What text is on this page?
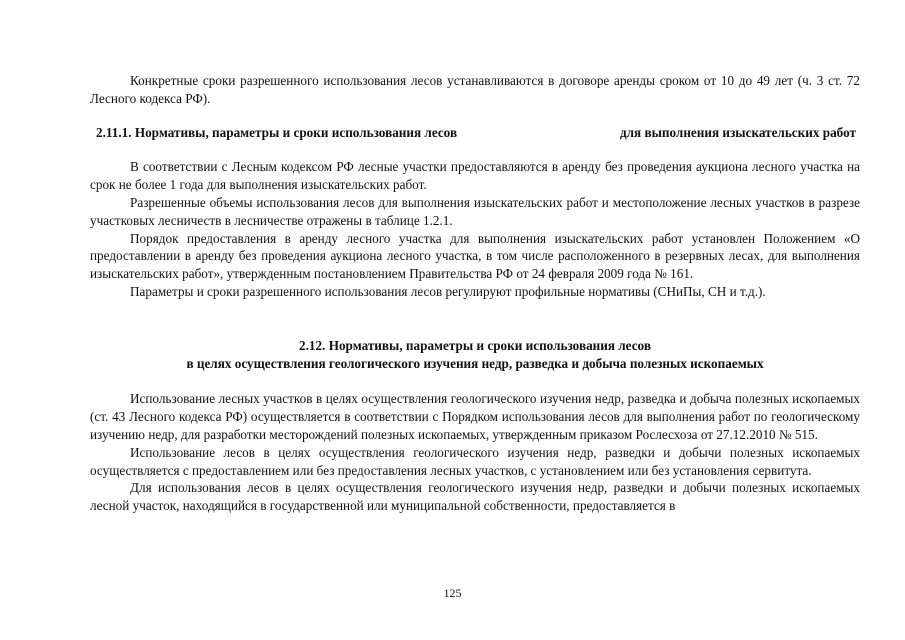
Конкретные сроки разрешенного использования лесов устанавливаются в договоре аренды сроком от 10 до 49 лет (ч. 3 ст. 72 Лесного кодекса РФ).

2.11.1. Нормативы, параметры и сроки использования лесов	для выполнения изыскательских работ

В соответствии с Лесным кодексом РФ лесные участки предоставляются в аренду без проведения аукциона лесного участка на срок не более 1 года для выполнения изыскательских работ.

Разрешенные объемы использования лесов для выполнения изыскательских работ и местоположение лесных участков в разрезе участковых лесничеств в лесничестве отражены в таблице 1.2.1.

Порядок предоставления в аренду лесного участка для выполнения изыскательских работ установлен Положением «О предоставлении в аренду без проведения аукциона лесного участка, в том числе расположенного в резервных лесах, для выполнения изыскательских работ», утвержденным постановлением Правительства РФ от 24 февраля 2009 года № 161.

Параметры и сроки разрешенного использования лесов регулируют профильные нормативы (СНиПы, СН и т.д.).

2.12. Нормативы, параметры и сроки использования лесов

в целях осуществления геологического изучения недр, разведка и добыча полезных ископаемых

Использование лесных участков в целях осуществления геологического изучения недр, разведка и добыча полезных ископаемых (ст. 43 Лесного кодекса РФ) осуществляется в соответствии с Порядком использования лесов для выполнения работ по геологическому изучению недр, для разработки месторождений полезных ископаемых, утвержденным приказом Рослесхоза от 27.12.2010 № 515.

Использование лесов в целях осуществления геологического изучения недр, разведки и добычи полезных ископаемых осуществляется с предоставлением или без предоставления лесных участков, с установлением или без установления сервитута.

Для использования лесов в целях осуществления геологического изучения недр, разведки и добычи полезных ископаемых лесной участок, находящийся в государственной или муниципальной собственности, предоставляется в

125
